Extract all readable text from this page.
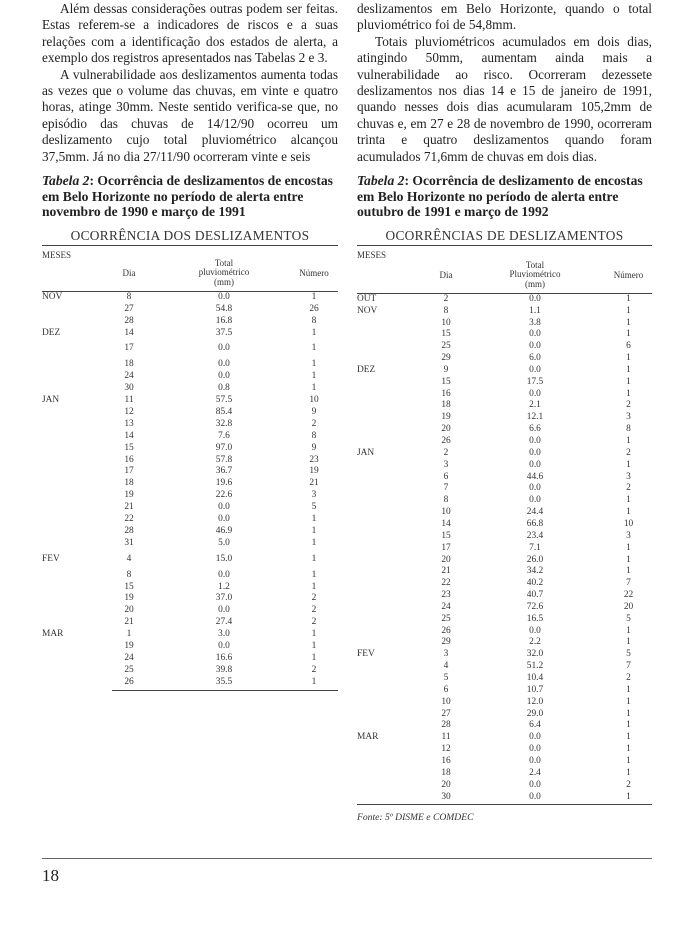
Além dessas considerações outras podem ser feitas. Estas referem-se a indicadores de riscos e a suas relações com a identificação dos estados de alerta, a exemplo dos registros apresentados nas Tabelas 2 e 3.

A vulnerabilidade aos deslizamentos aumenta todas as vezes que o volume das chuvas, em vinte e quatro horas, atinge 30mm. Neste sentido verifica-se que, no episódio das chuvas de 14/12/90 ocorreu um deslizamento cujo total pluviométrico alcançou 37,5mm. Já no dia 27/11/90 ocorreram vinte e seis

Tabela 2: Ocorrência de deslizamentos de encostas em Belo Horizonte no período de alerta entre novembro de 1990 e março de 1991

OCORRÊNCIA DOS DESLIZAMENTOS
MESES
Dia
Total
pluviométrico
(mm)
Número
NOV	8	0.0	1
27	54.8	26
28	16.8	8
DEZ	14	37.5	1
17	0.0	1
18	0.0	1
24	0.0	1
30	0.8	1
JAN	11	57.5	10
12	85.4	9
13	32.8	2
14	7.6	8
15	97.0	9
16	57.8	23
17	36.7	19
18	19.6	21
19	22.6	3
21	0.0	5
22	0.0	1
28	46.9	1
31	5.0	1
FEV	4	15.0	1
8	0.0	1
15	1.2	1
19	37.0	2
20	0.0	2
21	27.4	2
MAR	1	3.0	1
19	0.0	1
24	16.6	1
25	39.8	2
26	35.5	1

deslizamentos em Belo Horizonte, quando o total pluviométrico foi de 54,8mm.

Totais pluviométricos acumulados em dois dias, atingindo 50mm, aumentam ainda mais a vulnerabilidade ao risco. Ocorreram dezessete deslizamentos nos dias 14 e 15 de janeiro de 1991, quando nesses dois dias acumularam 105,2mm de chuvas e, em 27 e 28 de novembro de 1990, ocorreram trinta e quatro deslizamentos quando foram acumulados 71,6mm de chuvas em dois dias.

Tabela 2: Ocorrência de deslizamento de encostas em Belo Horizonte no período de alerta entre outubro de 1991 e março de 1992

OCORRÊNCIAS DE DESLIZAMENTOS
MESES
Dia
Total
Pluviométrico
(mm)
Número
OUT	2	0.0	1
NOV	8	1.1	1
10	3.8	1
15	0.0	1
25	0.0	6
29	6.0	1
DEZ	9	0.0	1
15	17.5	1
16	0.0	1
18	2.1	2
19	12.1	3
20	6.6	8
26	0.0	1
JAN	2	0.0	2
3	0.0	1
6	44.6	3
7	0.0	2
8	0.0	1
10	24.4	1
14	66.8	10
15	23.4	3
17	7.1	1
20	26.0	1
21	34.2	1
22	40.2	7
23	40.7	22
24	72.6	20
25	16.5	5
26	0.0	1
29	2.2	1
FEV	3	32.0	5
4	51.2	7
5	10.4	2
6	10.7	1
10	12.0	1
27	29.0	1
28	6.4	1
MAR	11	0.0	1
12	0.0	1
16	0.0	1
18	2.4	1
20	0.0	2
30	0.0	1
Fonte: 5º DISME e COMDEC
18
